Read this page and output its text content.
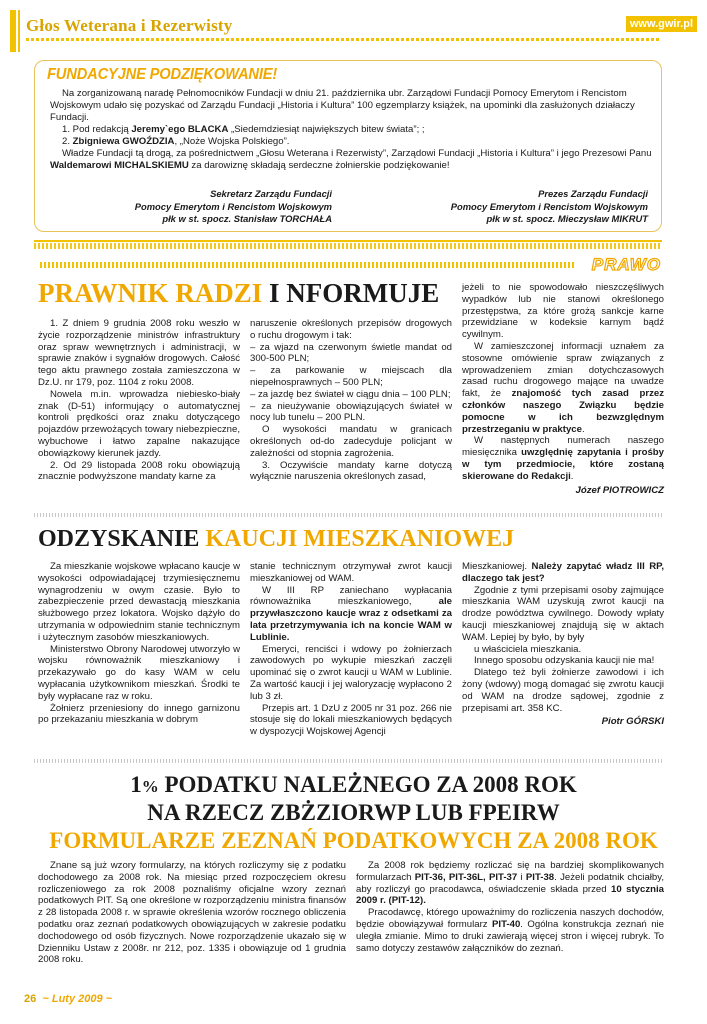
Głos Weterana i Rezerwisty	www.gwir.pl
FUNDACYJNE PODZIĘKOWANIE!

Na zorganizowaną naradę Pełnomocników Fundacji w dniu 21. października ubr. Zarządowi Fundacji Pomocy Emerytom i Rencistom Wojskowym udało się pozyskać od Zarządu Fundacji „Historia i Kultura” 100 egzemplarzy książek, na upominki dla zasłużonych działaczy Fundacji.

1. Pod redakcją Jeremy`ego BLACKA „Siedemdziesiąt największych bitew świata”; ;

2. Zbigniewa GWOŹDZIA, „Noże Wojska Polskiego”.

Władze Fundacji tą drogą, za pośrednictwem „Głosu Weterana i Rezerwisty”, Zarządowi Fundacji „Historia i Kultura” i jego Prezesowi Panu Waldemarowi MICHALSKIEMU za darowiznę składają serdeczne żołnierskie podziękowanie!

Sekretarz Zarządu Fundacji
Pomocy Emerytom i Rencistom Wojskowym
płk w st. spocz. Stanisław TORCHAŁA
Prezes Zarządu Fundacji
Pomocy Emerytom i Rencistom Wojskowym
płk w st. spocz. Mieczysław MIKRUT
PRAWO
PRAWNIK RADZI I NFORMUJE

1. Z dniem 9 grudnia 2008 roku weszło w życie rozporządzenie ministrów infrastruktury oraz spraw wewnętrznych i administracji, w sprawie znaków i sygnałów drogowych. Całość tego aktu prawnego została zamieszczona w Dz.U. nr 179, poz. 1104 z roku 2008.

Nowela m.in. wprowadza niebiesko-biały znak (D-51) informujący o automatycznej kontroli prędkości oraz znaku dotyczącego pojazdów przewożących towary niebezpieczne, wybuchowe i łatwo zapalne nakazujące obowiązkowy kierunek jazdy.

2. Od 29 listopada 2008 roku obowiązują znacznie podwyższone mandaty karne za

naruszenie określonych przepisów drogowych o ruchu drogowym i tak:

– za wjazd na czerwonym świetle mandat od 300-500 PLN;

– za parkowanie w miejscach dla niepełnosprawnych – 500 PLN;

– za jazdę bez świateł w ciągu dnia – 100 PLN;

– za nieużywanie obowiązujących świateł w nocy lub tunelu – 200 PLN.

O wysokości mandatu w granicach określonych od-do zadecyduje policjant w zależności od stopnia zagrożenia.

3. Oczywiście mandaty karne dotyczą wyłącznie naruszenia określonych zasad,

jeżeli to nie spowodowało nieszczęśliwych wypadków lub nie stanowi określonego przestępstwa, za które grożą sankcje karne przewidziane w kodeksie karnym bądź cywilnym.

W zamieszczonej informacji uznałem za stosowne omówienie spraw związanych z wprowadzeniem zmian dotychczasowych zasad ruchu drogowego mające na uwadze fakt, że znajomość tych zasad przez członków naszego Związku będzie pomocne w ich bezwzględnym przestrzeganiu w praktyce.

W następnych numerach naszego miesięcznika uwzględnię zapytania i prośby w tym przedmiocie, które zostaną skierowane do Redakcji.

Józef PIOTROWICZ
ODZYSKANIE KAUCJI MIESZKANIOWEJ

Za mieszkanie wojskowe wpłacano kaucje w wysokości odpowiadającej trzymiesięcznemu wynagrodzeniu w owym czasie. Było to zabezpieczenie przed dewastacją mieszkania służbowego przez lokatora. Wojsko dążyło do utrzymania w odpowiednim stanie technicznym i użytecznym zasobów mieszkaniowych.

Ministerstwo Obrony Narodowej utworzyło w wojsku równoważnik mieszkaniowy i przekazywało go do kasy WAM w celu wypłacania użytkownikom mieszkań. Środki te były wypłacane raz w roku.

Żołnierz przeniesiony do innego garnizonu po przekazaniu mieszkania w dobrym

stanie technicznym otrzymywał zwrot kaucji mieszkaniowej od WAM.

W III RP zaniechano wypłacania równoważnika mieszkaniowego, ale przywłaszczono kaucje wraz z odsetkami za lata przetrzymywania ich na koncie WAM w Lublinie.

Emeryci, renciści i wdowy po żołnierzach zawodowych po wykupie mieszkań zaczęli upominać się o zwrot kaucji u WAM w Lublinie. Za wartość kaucji i jej waloryzację wypłacono 2 lub 3 zł.

Przepis art. 1 DzU z 2005 nr 31 poz. 266 nie stosuje się do lokali mieszkaniowych będących w dyspozycji Wojskowej Agencji

Mieszkaniowej. Należy zapytać władz III RP, dlaczego tak jest?

Zgodnie z tymi przepisami osoby zajmujące mieszkania WAM uzyskują zwrot kaucji na drodze powództwa cywilnego. Dowody wpłaty kaucji mieszkaniowej znajdują się w aktach WAM. Lepiej by było, by były

u właściciela mieszkania.

Innego sposobu odzyskania kaucji nie ma!

Dlatego też byli żołnierze zawodowi i ich żony (wdowy) mogą domagać się zwrotu kaucji od WAM na drodze sądowej, zgodnie z przepisami art. 358 KC.

Piotr GÓRSKI
1% PODATKU NALEŻNEGO ZA 2008 ROK
NA RZECZ ZBŻZIORWP LUB FPEIRW
FORMULARZE ZEZNAŃ PODATKOWYCH ZA 2008 ROK

Znane są już wzory formularzy, na których rozliczymy się z podatku dochodowego za 2008 rok. Na miesiąc przed rozpoczęciem okresu rozliczeniowego za rok 2008 poznaliśmy oficjalne wzory zeznań podatkowych PIT. Są one określone w rozporządzeniu ministra finansów z 28 listopada 2008 r. w sprawie określenia wzorów rocznego obliczenia podatku oraz zeznań podatkowych obowiązujących w zakresie podatku dochodowego od osób fizycznych. Nowe rozporządzenie ukazało się w Dzienniku Ustaw z 2008r. nr 212, poz. 1335 i obowiązuje od 1 grudnia 2008 roku.

Za 2008 rok będziemy rozliczać się na bardziej skomplikowanych formularzach PIT-36, PIT-36L, PIT-37 i PIT-38. Jeżeli podatnik chciałby, aby rozliczył go pracodawca, oświadczenie składa przed 10 stycznia 2009 r. (PIT-12).

Pracodawcę, którego upoważnimy do rozliczenia naszych dochodów, będzie obowiązywał formularz PIT-40. Ogólna konstrukcja zeznań nie uległa zmianie. Mimo to druki zawierają więcej stron i więcej rubryk. To samo dotyczy zestawów załączników do zeznań.

26 ~ Luty 2009 ~
